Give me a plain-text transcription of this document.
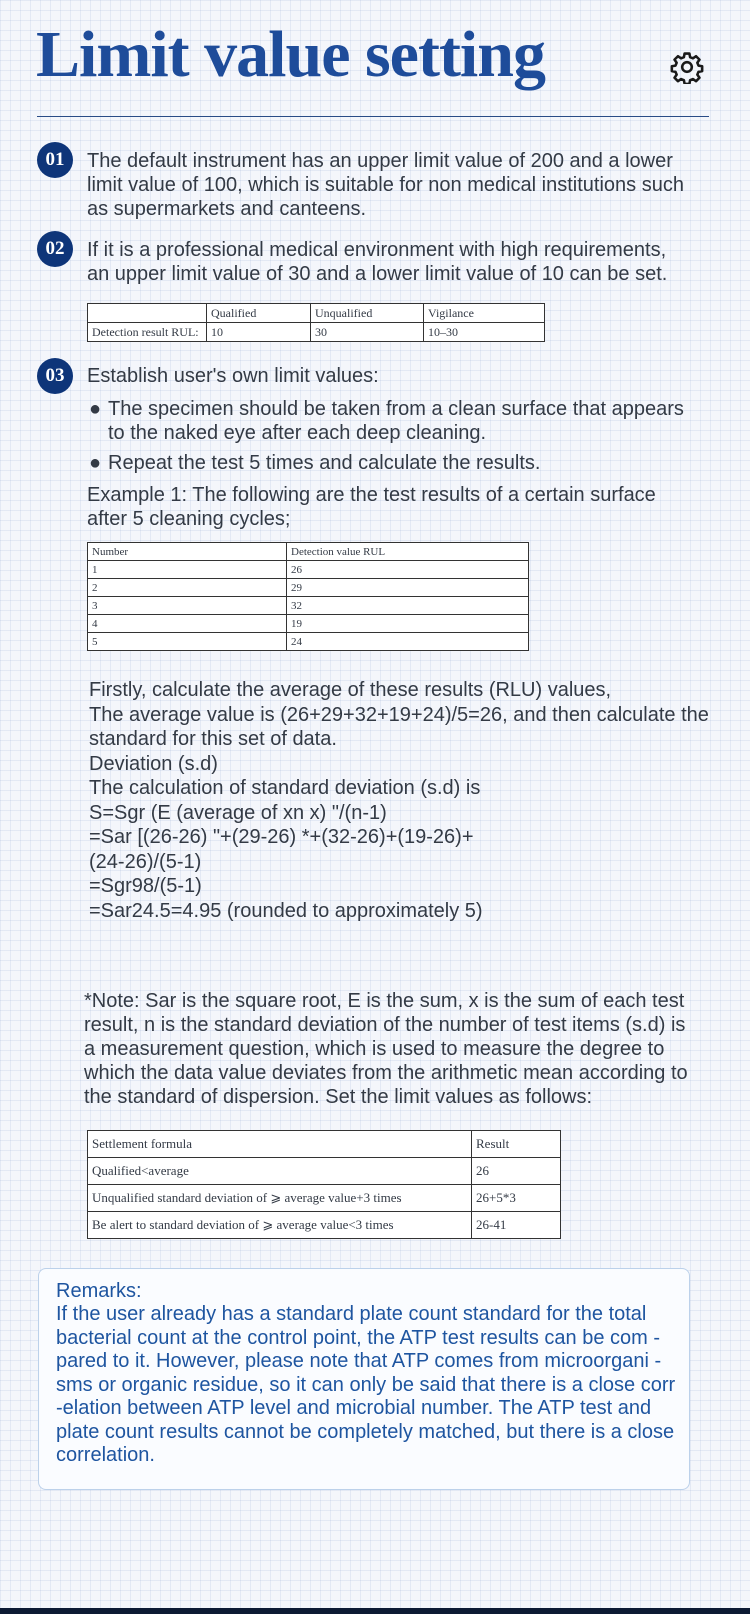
Limit value setting
01	The default instrument has an upper limit value of 200 and a lower limit value of 100, which is suitable for non medical institutions such as supermarkets and canteens.

02	If it is a professional medical environment with high requirements, an upper limit value of 30 and a lower limit value of 10 can be set.

	Qualified	Unqualified	Vigilance
Detection result RUL:	10	30	10–30
03	Establish user's own limit values:

● The specimen should be taken from a clean surface that appears to the naked eye after each deep cleaning.
● Repeat the test 5 times and calculate the results.

Example 1: The following are the test results of a certain surface after 5 cleaning cycles;

Number	Detection value RUL
1	26
2	29
3	32
4	19
5	24
Firstly, calculate the average of these results (RLU) values,
The average value is (26+29+32+19+24)/5=26, and then calculate the
standard for this set of data.
Deviation (s.d)
The calculation of standard deviation (s.d) is
S=Sgr (E (average of xn x) "/(n-1)
=Sar [(26-26) "+(29-26) *+(32-26)+(19-26)+
(24-26)/(5-1)
=Sgr98/(5-1)
=Sar24.5=4.95 (rounded to approximately 5)

*Note: Sar is the square root, E is the sum, x is the sum of each test result, n is the standard deviation of the number of test items (s.d) is a measurement question, which is used to measure the degree to which the data value deviates from the arithmetic mean according to the standard of dispersion. Set the limit values as follows:

Settlement formula	Result
Qualified<average	26
Unqualified standard deviation of ⩾ average value+3 times	26+5*3
Be alert to standard deviation of ⩾ average value<3 times	26-41

Remarks:

If the user already has a standard plate count standard for the total bacterial count at the control point, the ATP test results can be com -pared to it. However, please note that ATP comes from microorgani -sms or organic residue, so it can only be said that there is a close corr -elation between ATP level and microbial number. The ATP test and plate count results cannot be completely matched, but there is a close correlation.
